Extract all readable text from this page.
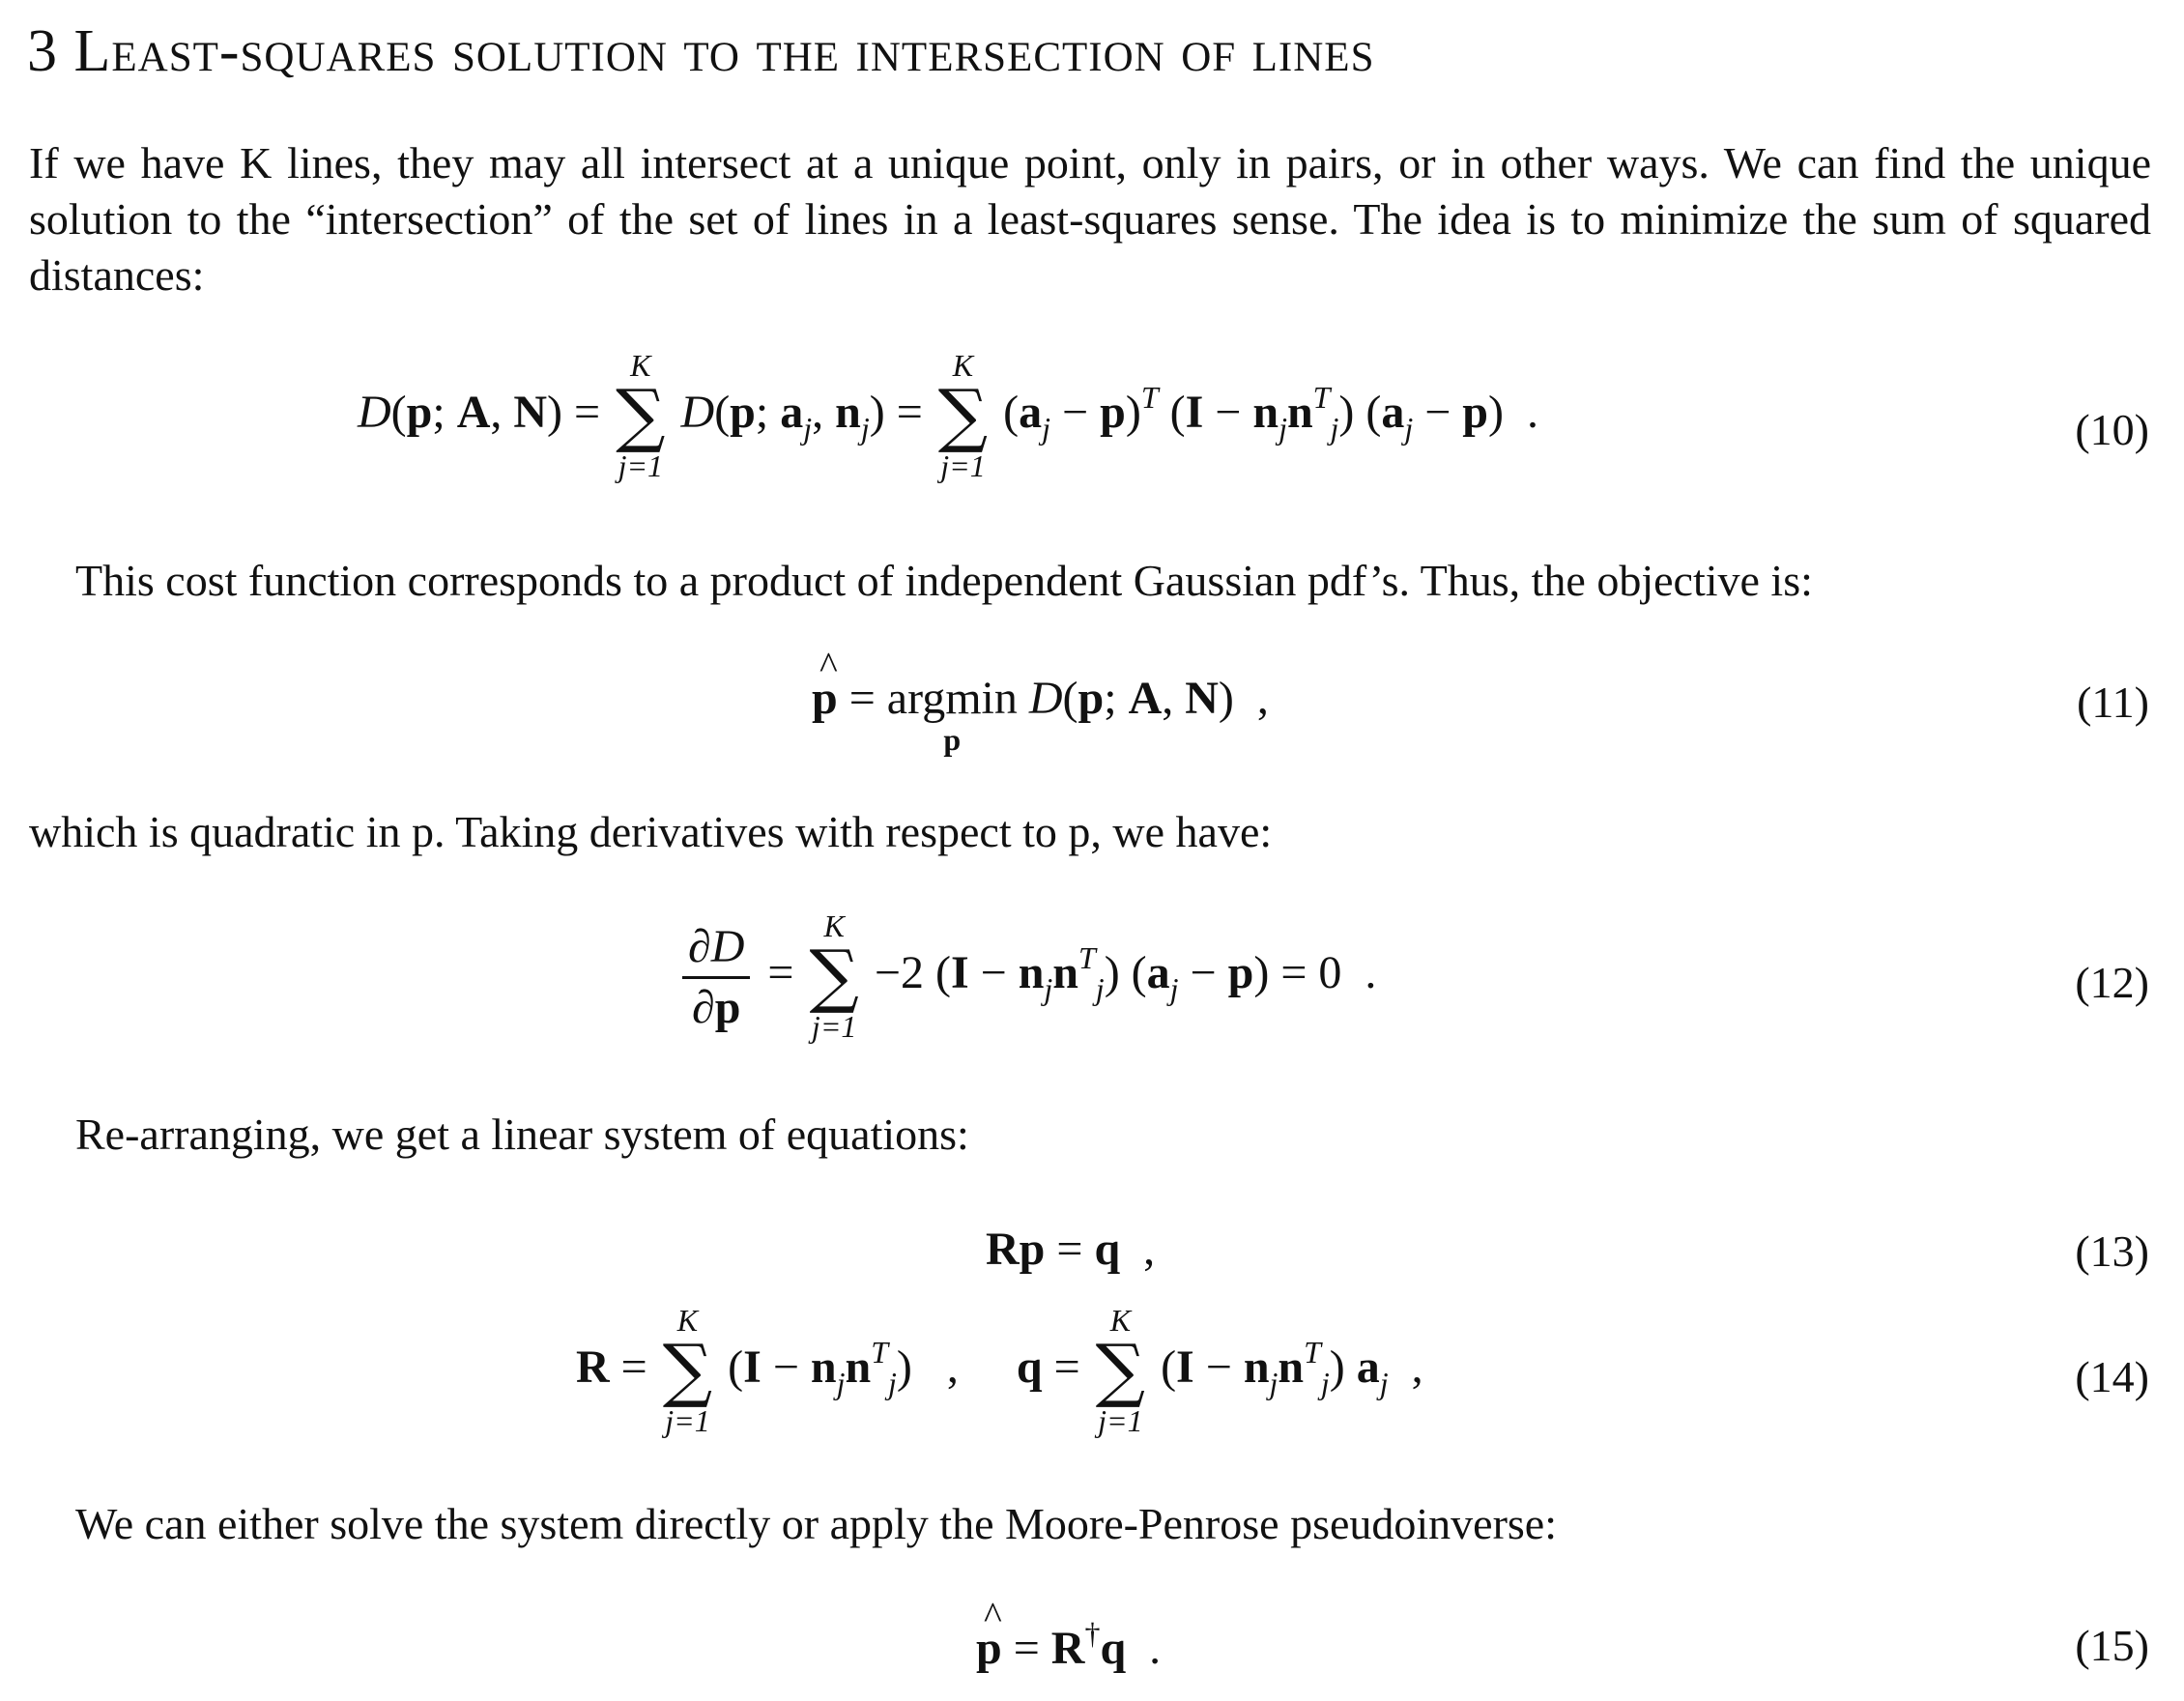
3 Least-squares solution to the intersection of lines

If we have K lines, they may all intersect at a unique point, only in pairs, or in other ways. We can find the unique solution to the “intersection” of the set of lines in a least-squares sense. The idea is to minimize the sum of squared distances:

D(p; A, N) =
K
∑
j=1
D(p; $a_j$, $n_j$) =
K
∑
j=1
$(a_j - p)^T$ $(I - n_jn^T_j)$ $(a_j - p)$  .	(10)

This cost function corresponds to a product of independent Gaussian pdf’s. Thus, the objective is:

^ p = argmin
p
D(p; A, N)  ,	(11)

which is quadratic in p. Taking derivatives with respect to p, we have:

$\frac{\partial D}{\partial p}$ =
K
∑
j=1
−2 $(I - n_jn^T_j)$ $(a_j - p) = 0$  .	(12)

Re-arranging, we get a linear system of equations:

Rp = q  ,	(13)
R =
K
∑
j=1
$(I - n_jn^T_j)$   ,     q =
K
∑
j=1
$(I - n_jn^T_j)$ $a_j$  ,	(14)

We can either solve the system directly or apply the Moore-Penrose pseudoinverse:

^ p = R†q  .	(15)
